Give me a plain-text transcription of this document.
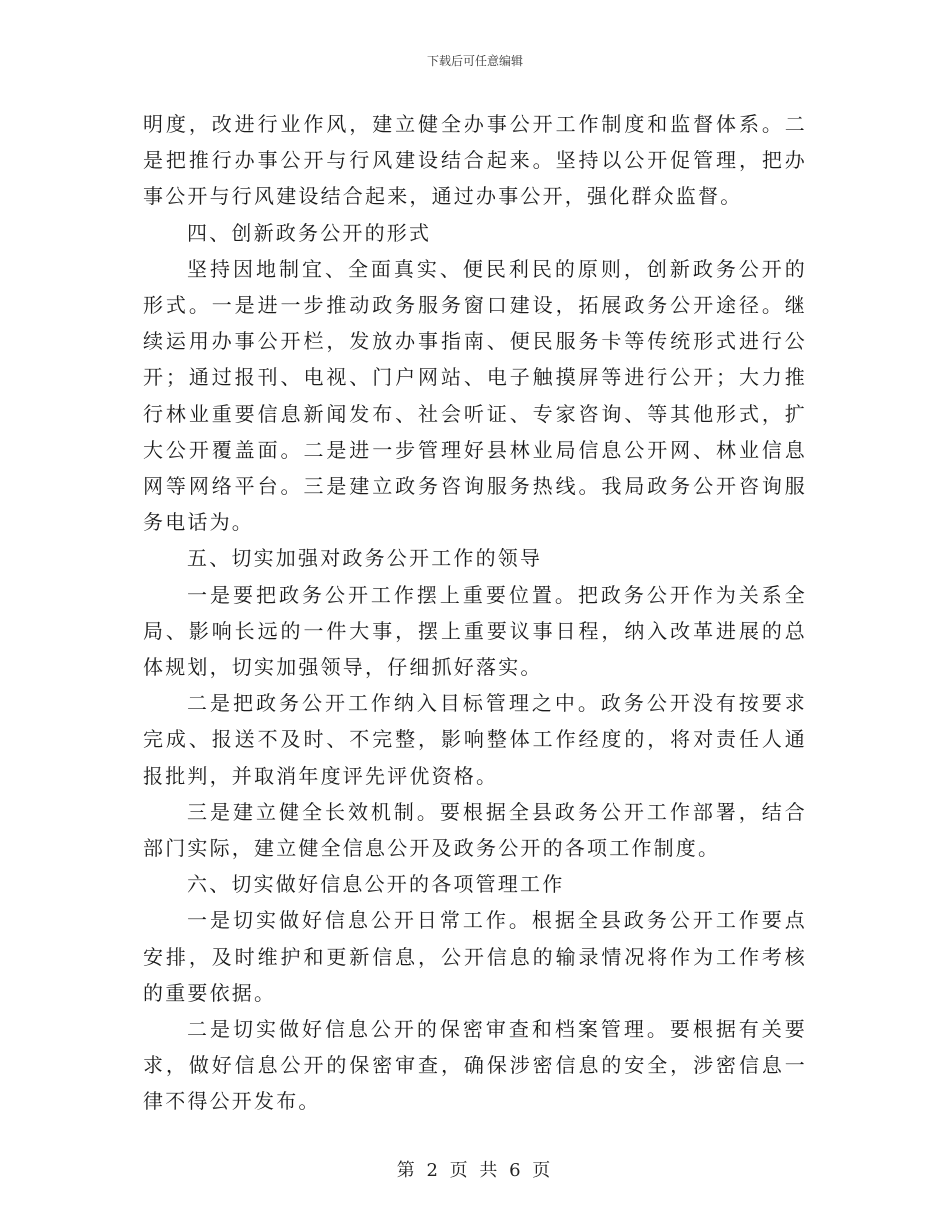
下载后可任意编辑

明度，改进行业作风，建立健全办事公开工作制度和监督体系。二是把推行办事公开与行风建设结合起来。坚持以公开促管理，把办事公开与行风建设结合起来，通过办事公开，强化群众监督。

四、创新政务公开的形式

坚持因地制宜、全面真实、便民利民的原则，创新政务公开的形式。一是进一步推动政务服务窗口建设，拓展政务公开途径。继续运用办事公开栏，发放办事指南、便民服务卡等传统形式进行公开；通过报刊、电视、门户网站、电子触摸屏等进行公开；大力推行林业重要信息新闻发布、社会听证、专家咨询、等其他形式，扩大公开覆盖面。二是进一步管理好县林业局信息公开网、林业信息网等网络平台。三是建立政务咨询服务热线。我局政务公开咨询服务电话为。

五、切实加强对政务公开工作的领导

一是要把政务公开工作摆上重要位置。把政务公开作为关系全局、影响长远的一件大事，摆上重要议事日程，纳入改革进展的总体规划，切实加强领导，仔细抓好落实。

二是把政务公开工作纳入目标管理之中。政务公开没有按要求完成、报送不及时、不完整，影响整体工作经度的，将对责任人通报批判，并取消年度评先评优资格。

三是建立健全长效机制。要根据全县政务公开工作部署，结合部门实际，建立健全信息公开及政务公开的各项工作制度。

六、切实做好信息公开的各项管理工作

一是切实做好信息公开日常工作。根据全县政务公开工作要点安排，及时维护和更新信息，公开信息的输录情况将作为工作考核的重要依据。

二是切实做好信息公开的保密审查和档案管理。要根据有关要求，做好信息公开的保密审查，确保涉密信息的安全，涉密信息一律不得公开发布。

第 2 页 共 6 页
